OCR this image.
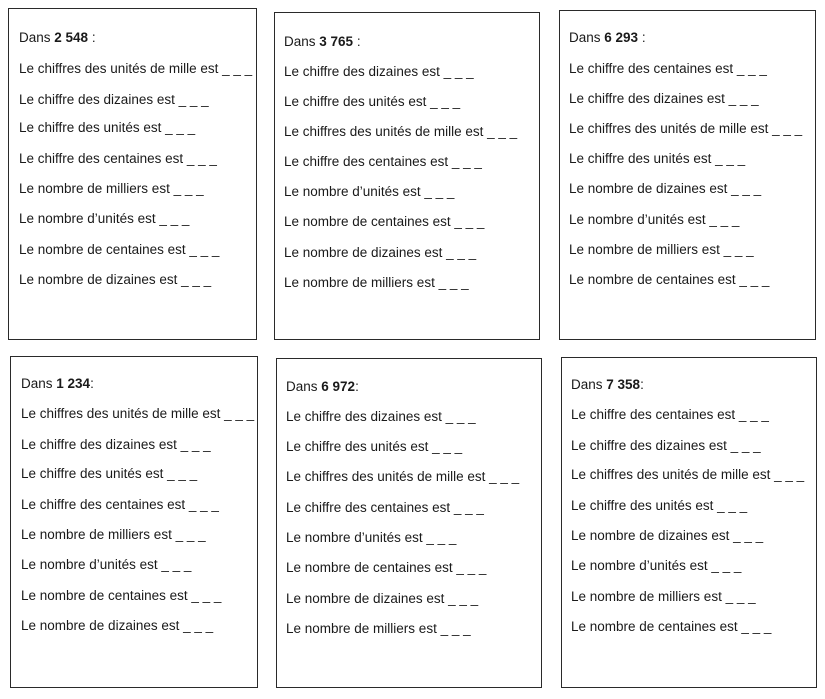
Dans 2 548 :
Le chiffres des unités de mille est _ _ _
Le chiffre des dizaines est _ _ _
Le chiffre des unités est _ _ _
Le chiffre des centaines est _ _ _
Le nombre de milliers est _ _ _
Le nombre d’unités est _ _ _
Le nombre de centaines est _ _ _
Le nombre de dizaines est _ _ _
Dans 3 765 :
Le chiffre des dizaines est _ _ _
Le chiffre des unités est _ _ _
Le chiffres des unités de mille est _ _ _
Le chiffre des centaines est _ _ _
Le nombre d’unités est _ _ _
Le nombre de centaines est _ _ _
Le nombre de dizaines est _ _ _
Le nombre de milliers est _ _ _
Dans 6 293 :
Le chiffre des centaines est _ _ _
Le chiffre des dizaines est _ _ _
Le chiffres des unités de mille est _ _ _
Le chiffre des unités est _ _ _
Le nombre de dizaines est _ _ _
Le nombre d’unités est _ _ _
Le nombre de milliers est _ _ _
Le nombre de centaines est _ _ _
Dans 1 234:
Le chiffres des unités de mille est _ _ _
Le chiffre des dizaines est _ _ _
Le chiffre des unités est _ _ _
Le chiffre des centaines est _ _ _
Le nombre de milliers est _ _ _
Le nombre d’unités est _ _ _
Le nombre de centaines est _ _ _
Le nombre de dizaines est _ _ _
Dans 6 972:
Le chiffre des dizaines est _ _ _
Le chiffre des unités est _ _ _
Le chiffres des unités de mille est _ _ _
Le chiffre des centaines est _ _ _
Le nombre d’unités est _ _ _
Le nombre de centaines est _ _ _
Le nombre de dizaines est _ _ _
Le nombre de milliers est _ _ _
Dans 7 358:
Le chiffre des centaines est _ _ _
Le chiffre des dizaines est _ _ _
Le chiffres des unités de mille est _ _ _
Le chiffre des unités est _ _ _
Le nombre de dizaines est _ _ _
Le nombre d’unités est _ _ _
Le nombre de milliers est _ _ _
Le nombre de centaines est _ _ _
